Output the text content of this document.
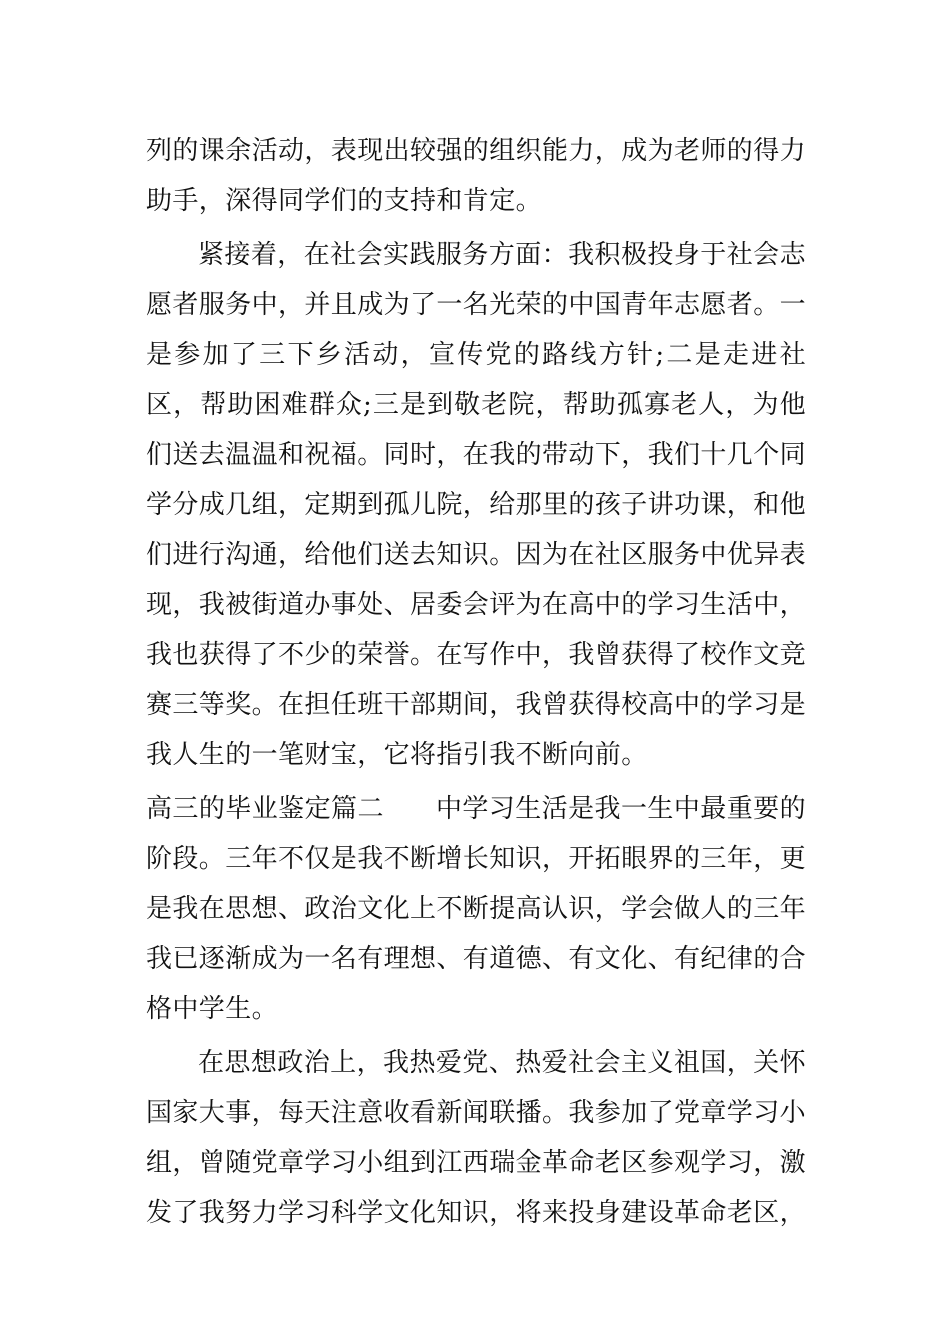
列的课余活动，表现出较强的组织能力，成为老师的得力助手，深得同学们的支持和肯定。

紧接着，在社会实践服务方面：我积极投身于社会志愿者服务中，并且成为了一名光荣的中国青年志愿者。一是参加了三下乡活动，宣传党的路线方针;二是走进社区，帮助困难群众;三是到敬老院，帮助孤寡老人，为他们送去温温和祝福。同时，在我的带动下，我们十几个同学分成几组，定期到孤儿院，给那里的孩子讲功课，和他们进行沟通，给他们送去知识。因为在社区服务中优异表现，我被街道办事处、居委会评为在高中的学习生活中，我也获得了不少的荣誉。在写作中，我曾获得了校作文竞赛三等奖。在担任班干部期间，我曾获得校高中的学习是我人生的一笔财宝，它将指引我不断向前。

高三的毕业鉴定篇二 中学习生活是我一生中最重要的阶段。三年不仅是我不断增长知识，开拓眼界的三年，更是我在思想、政治文化上不断提高认识，学会做人的三年我已逐渐成为一名有理想、有道德、有文化、有纪律的合格中学生。

在思想政治上，我热爱党、热爱社会主义祖国，关怀国家大事，每天注意收看新闻联播。我参加了党章学习小组，曾随党章学习小组到江西瑞金革命老区参观学习，激发了我努力学习科学文化知识，将来投身建设革命老区，
